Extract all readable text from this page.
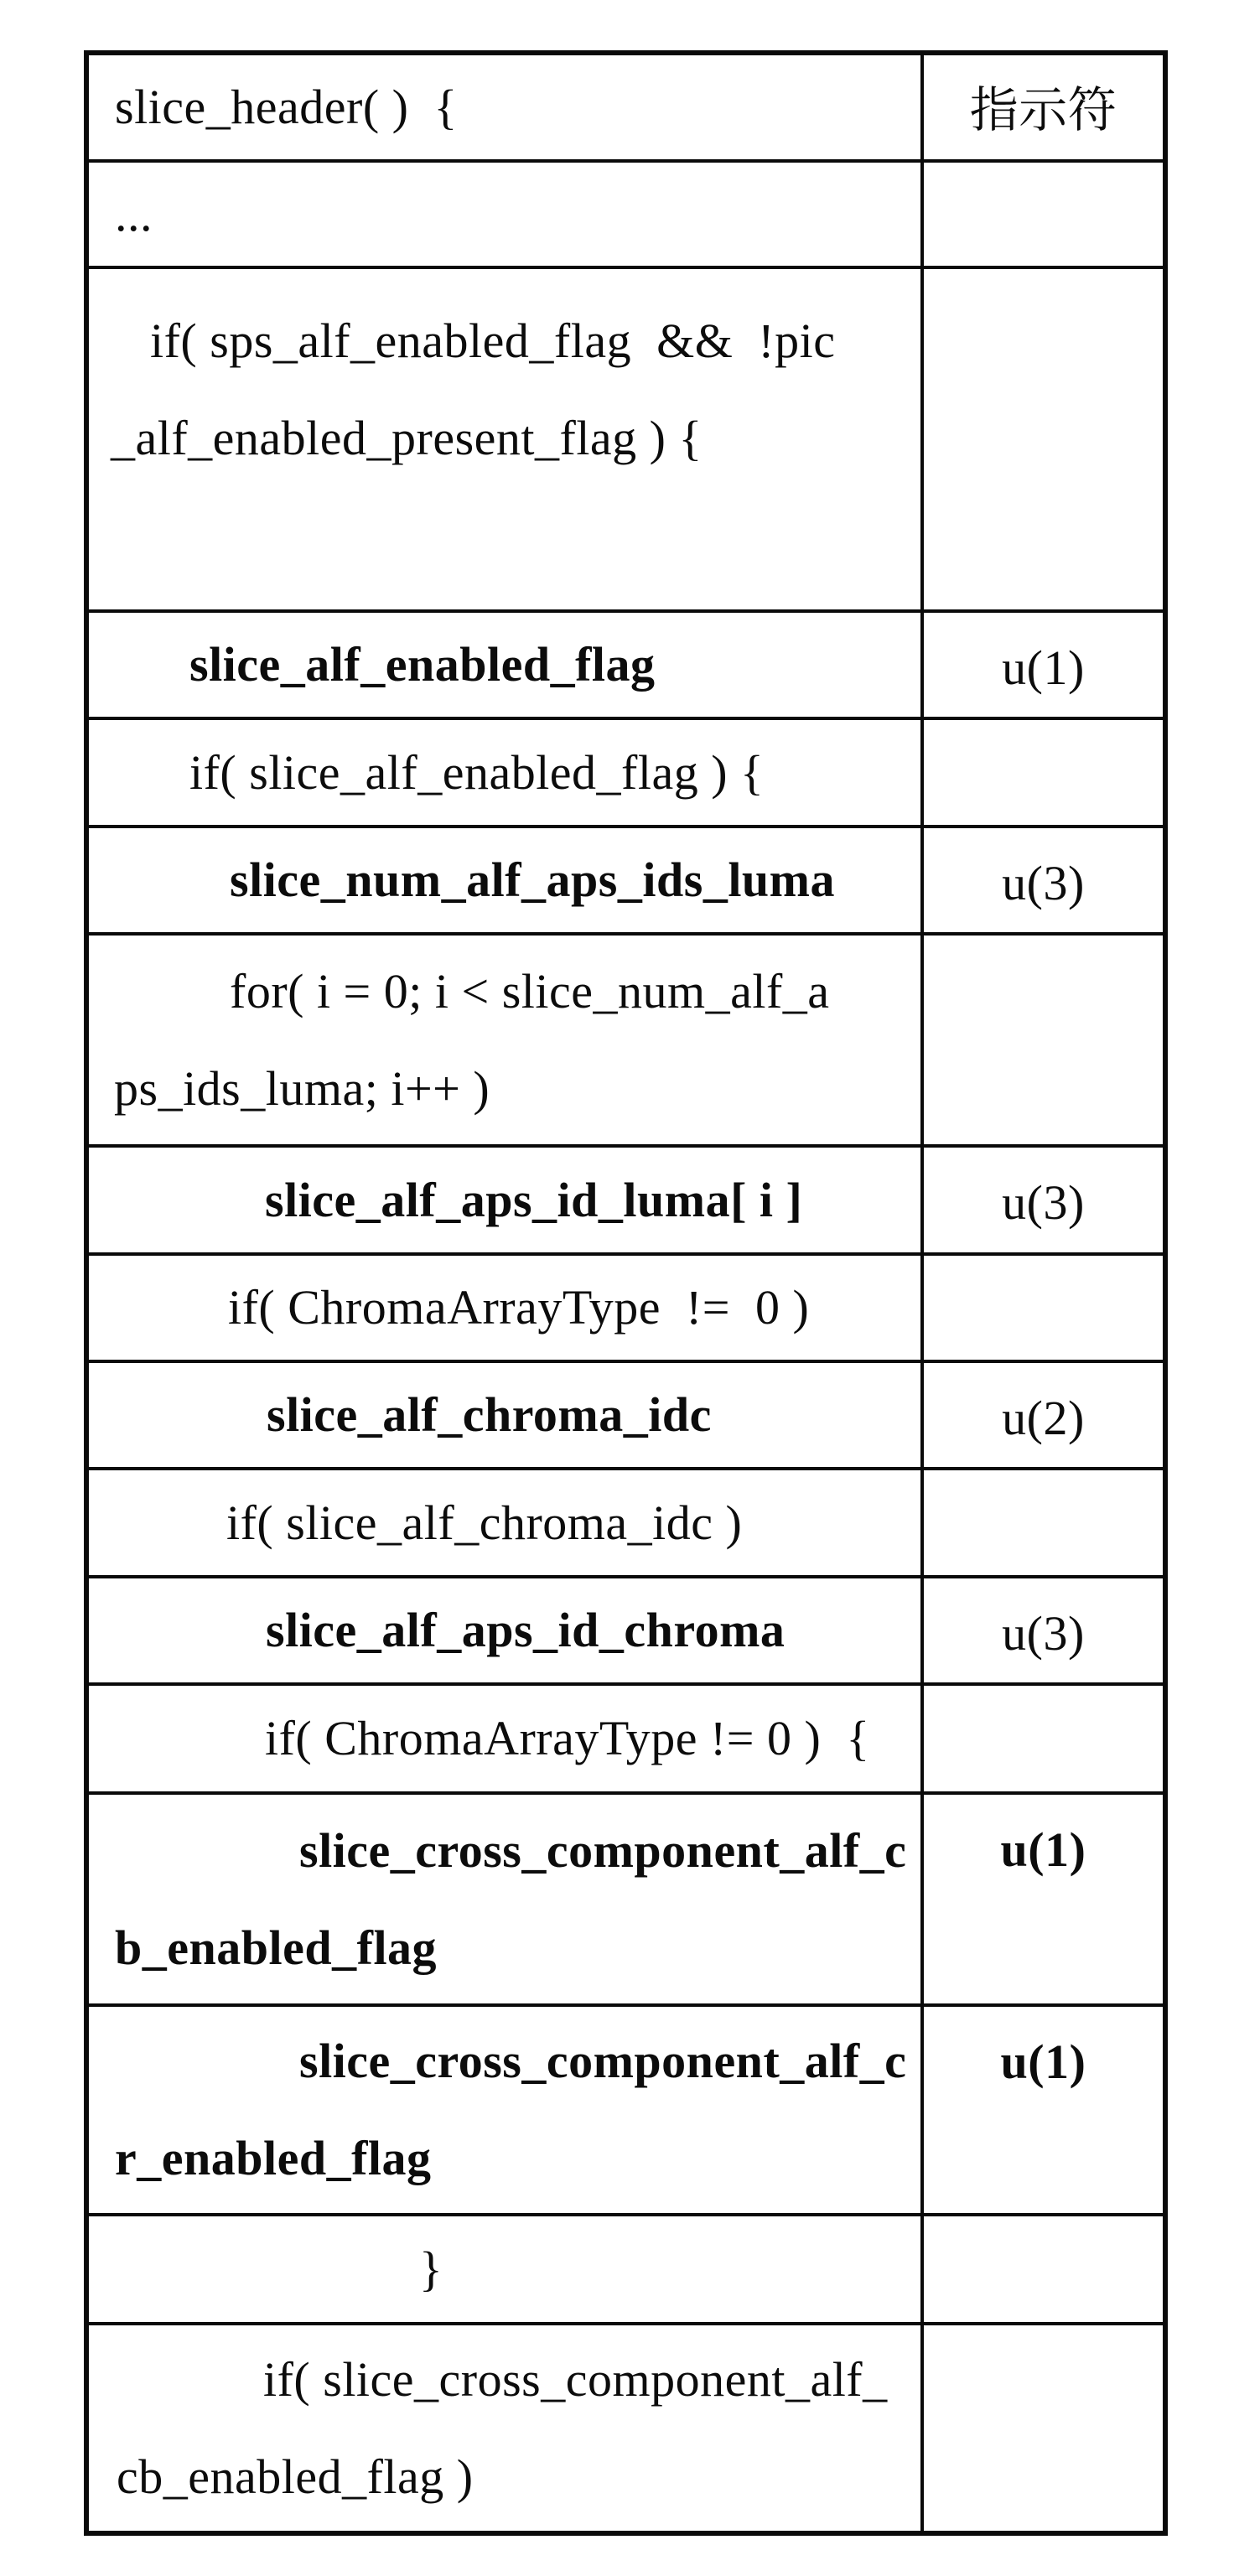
slice_header( )  {	指示符

...	

if( sps_alf_enabled_flag  &&  !pic
_alf_enabled_present_flag ) {	

slice_alf_enabled_flag	u(1)

if( slice_alf_enabled_flag ) {	

slice_num_alf_aps_ids_luma	u(3)

for( i = 0; i < slice_num_alf_a
ps_ids_luma; i++ )	

slice_alf_aps_id_luma[ i ]	u(3)

if( ChromaArrayType  !=  0 )	

slice_alf_chroma_idc	u(2)

if( slice_alf_chroma_idc )	

slice_alf_aps_id_chroma	u(3)

if( ChromaArrayType != 0 )  {	

slice_cross_component_alf_c
b_enabled_flag	u(1)

slice_cross_component_alf_c
r_enabled_flag	u(1)

}	

if( slice_cross_component_alf_
cb_enabled_flag )	
